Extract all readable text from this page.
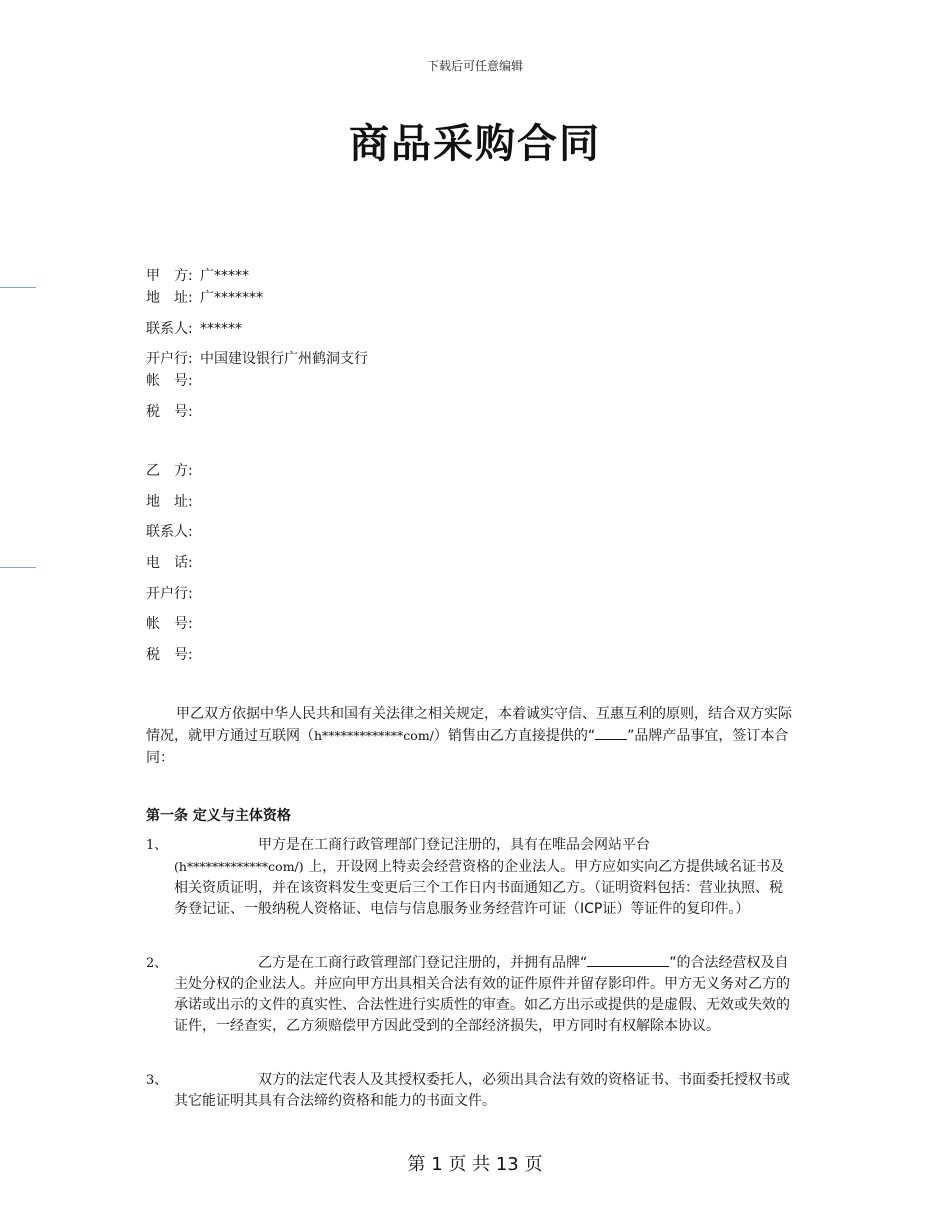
下载后可任意编辑
商品采购合同
甲　方: 广*****
地　址: 广*******
联系人: ******
开户行: 中国建设银行广州鹤洞支行
帐　号:
税　号:
乙　方:
地　址:
联系人:
电　话:
开户行:
帐　号:
税　号:
甲乙双方依据中华人民共和国有关法律之相关规定，本着诚实守信、互惠互利的原则，结合双方实际情况，就甲方通过互联网（h*************com/）销售由乙方直接提供的“ ”品牌产品事宜，签订本合同：
第一条 定义与主体资格
1、	甲方是在工商行政管理部门登记注册的，具有在唯品会网站平台
(h*************com/) 上，开设网上特卖会经营资格的企业法人。甲方应如实向乙方提供域名证书及相关资质证明，并在该资料发生变更后三个工作日内书面通知乙方。（证明资料包括：营业执照、税务登记证、一般纳税人资格证、电信与信息服务业务经营许可证（ICP证）等证件的复印件。）
2、	乙方是在工商行政管理部门登记注册的，并拥有品牌“	”的合法经营权及自主处分权的企业法人。并应向甲方出具相关合法有效的证件原件并留存影印件。甲方无义务对乙方的承诺或出示的文件的真实性、合法性进行实质性的审查。如乙方出示或提供的是虚假、无效或失效的证件，一经查实，乙方须赔偿甲方因此受到的全部经济损失，甲方同时有权解除本协议。
3、	双方的法定代表人及其授权委托人，必须出具合法有效的资格证书、书面委托授权书或其它能证明其具有合法缔约资格和能力的书面文件。
第 1 页 共 13 页
